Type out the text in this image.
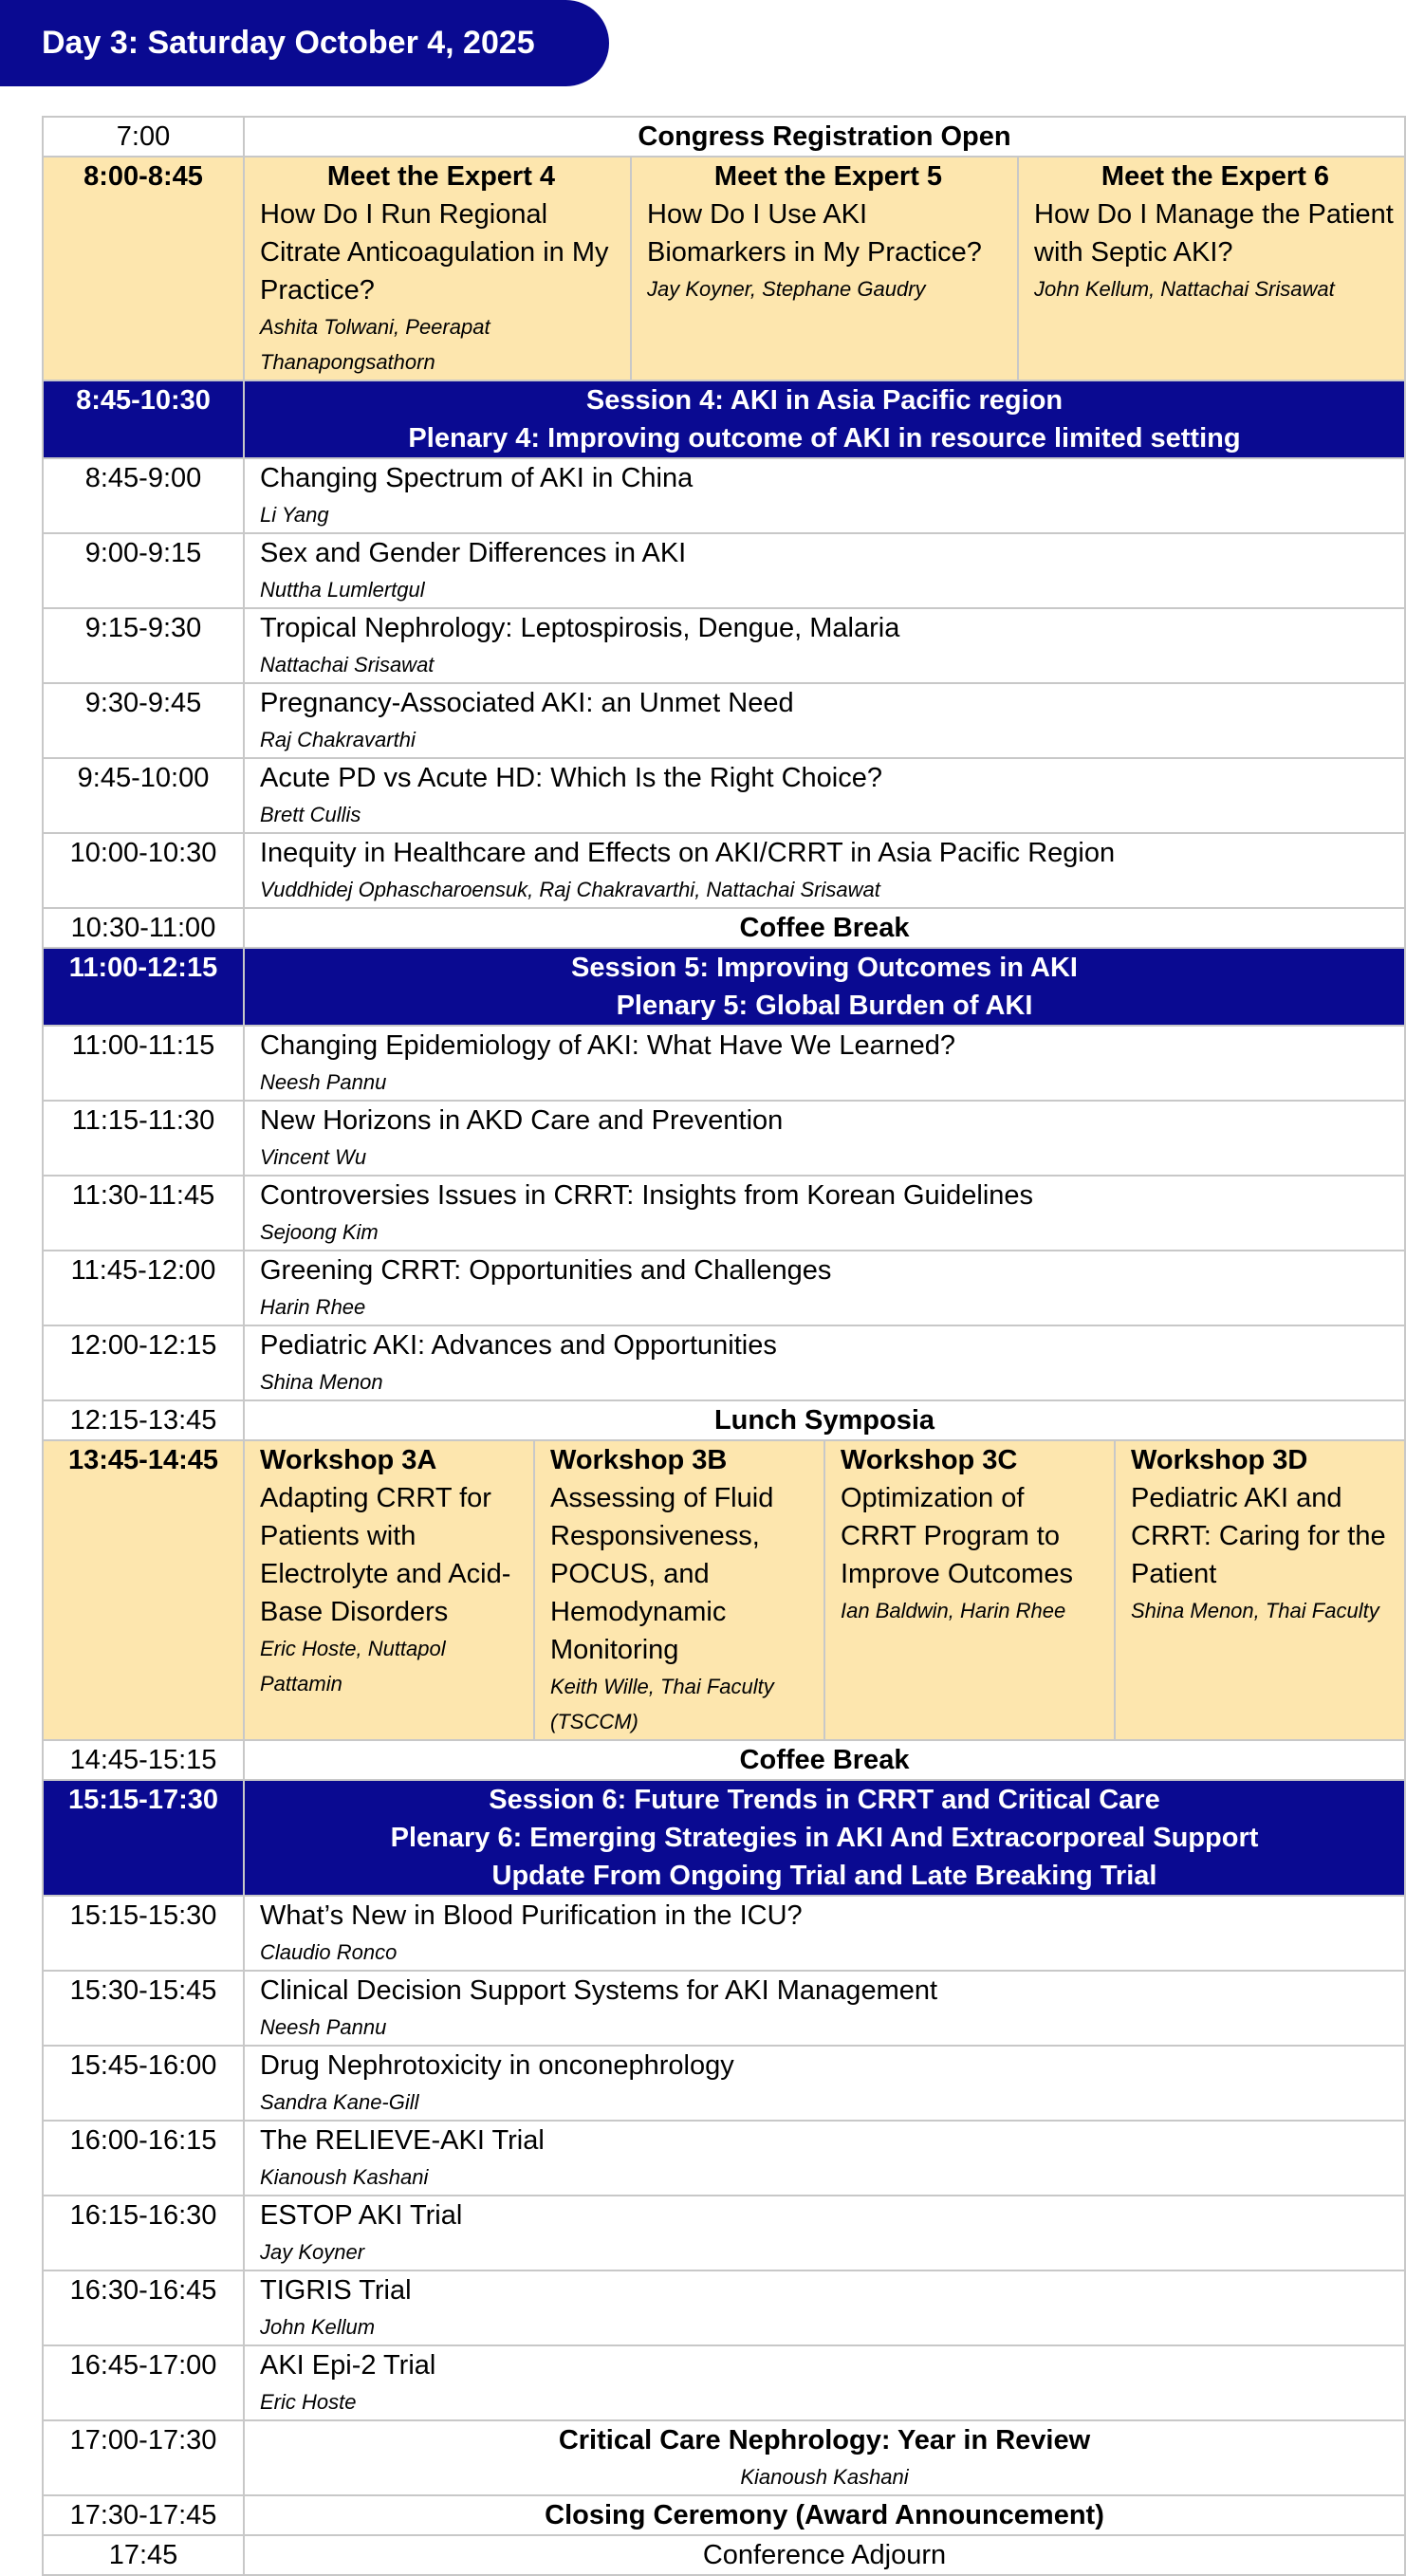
Day 3: Saturday October 4, 2025
7:00	Congress Registration Open					
8:00-8:45	Meet the Expert 4
How Do I Run Regional Citrate Anticoagulation in My Practice?
Ashita Tolwani, Peerapat Thanapongsathorn		Meet the Expert 5
How Do I Use AKI Biomarkers in My Practice?
Jay Koyner, Stephane Gaudry		Meet the Expert 6
How Do I Manage the Patient with Septic AKI?
John Kellum, Nattachai Srisawat	

8:45-10:30	Session 4: AKI in Asia Pacific region
Plenary 4: Improving outcome of AKI in resource limited setting					

8:45-9:00	Changing Spectrum of AKI in China
Li Yang					

9:00-9:15	Sex and Gender Differences in AKI
Nuttha Lumlertgul					

9:15-9:30	Tropical Nephrology: Leptospirosis, Dengue, Malaria
Nattachai Srisawat					

9:30-9:45	Pregnancy-Associated AKI: an Unmet Need
Raj Chakravarthi					

9:45-10:00	Acute PD vs Acute HD: Which Is the Right Choice?
Brett Cullis					

10:00-10:30	Inequity in Healthcare and Effects on AKI/CRRT in Asia Pacific Region
Vuddhidej Ophascharoensuk, Raj Chakravarthi, Nattachai Srisawat					

10:30-11:00	Coffee Break					
11:00-12:15	Session 5: Improving Outcomes in AKI
Plenary 5: Global Burden of AKI					

11:00-11:15	Changing Epidemiology of AKI: What Have We Learned?
Neesh Pannu					

11:15-11:30	New Horizons in AKD Care and Prevention
Vincent Wu					

11:30-11:45	Controversies Issues in CRRT: Insights from Korean Guidelines
Sejoong Kim					

11:45-12:00	Greening CRRT: Opportunities and Challenges
Harin Rhee					

12:00-12:15	Pediatric AKI: Advances and Opportunities
Shina Menon					

12:15-13:45	Lunch Symposia					
13:45-14:45	Workshop 3A
Adapting CRRT for Patients with Electrolyte and Acid-Base Disorders
Eric Hoste, Nuttapol Pattamin	Workshop 3B
Assessing of Fluid Responsiveness, POCUS, and Hemodynamic Monitoring
Keith Wille, Thai Faculty (TSCCM)		Workshop 3C
Optimization of CRRT Program to Improve Outcomes
Ian Baldwin, Harin Rhee		Workshop 3D
Pediatric AKI and CRRT: Caring for the Patient
Shina Menon, Thai Faculty

14:45-15:15	Coffee Break					
15:15-17:30	Session 6: Future Trends in CRRT and Critical Care
Plenary 6: Emerging Strategies in AKI And Extracorporeal Support
Update From Ongoing Trial and Late Breaking Trial					

15:15-15:30	What’s New in Blood Purification in the ICU?
Claudio Ronco					

15:30-15:45	Clinical Decision Support Systems for AKI Management
Neesh Pannu					

15:45-16:00	Drug Nephrotoxicity in onconephrology
Sandra Kane-Gill					

16:00-16:15	The RELIEVE-AKI Trial
Kianoush Kashani					

16:15-16:30	ESTOP AKI Trial
Jay Koyner					

16:30-16:45	TIGRIS Trial
John Kellum					

16:45-17:00	AKI Epi-2 Trial
Eric Hoste					

17:00-17:30	Critical Care Nephrology: Year in Review
Kianoush Kashani					

17:30-17:45	Closing Ceremony (Award Announcement)					
17:45	Conference Adjourn					
